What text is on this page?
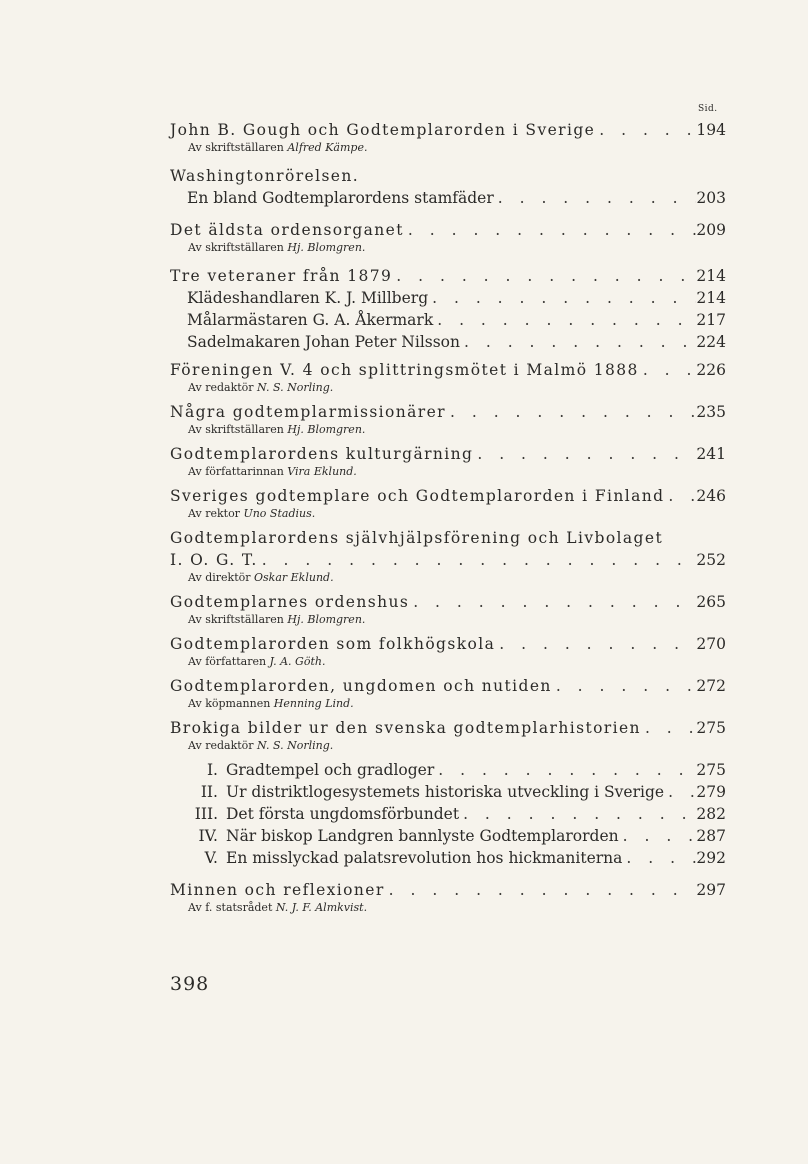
Sid.
John B. Gough och Godtemplarorden i Sverige . . .	194
Av skriftställaren Alfred Kämpe.
Washingtonrörelsen.
En bland Godtemplarordens stamfäder . . .	203
Det äldsta ordensorganet . . .	209
Av skriftställaren Hj. Blomgren.
Tre veteraner från 1879 . . .	214
Klädeshandlaren K. J. Millberg . . .	214
Målarmästaren G. A. Åkermark . . .	217
Sadelmakaren Johan Peter Nilsson . . .	224
Föreningen V. 4 och splittringsmötet i Malmö 1888 . . .	226
Av redaktör N. S. Norling.
Några godtemplarmissionärer . . .	235
Av skriftställaren Hj. Blomgren.
Godtemplarordens kulturgärning . . .	241
Av författarinnan Vira Eklund.
Sveriges godtemplare och Godtemplarorden i Finland . . . 246
Av rektor Uno Stadius.
Godtemplarordens självhjälpsförening och Livbolaget
I. O. G. T. . . .	252
Av direktör Oskar Eklund.
Godtemplarnes ordenshus . . .	265
Av skriftställaren Hj. Blomgren.
Godtemplarorden som folkhögskola . . .	270
Av författaren J. A. Göth.
Godtemplarorden, ungdomen och nutiden . . .	272
Av köpmannen Henning Lind.
Brokiga bilder ur den svenska godtemplarhistorien . . .	275
Av redaktör N. S. Norling.
I. Gradtempel och gradloger . . .	275
II. Ur distriktlogesystemets historiska utveckling i Sverige . . . 279
III. Det första ungdomsförbundet . . .	282
IV. När biskop Landgren bannlyste Godtemplarorden . . .	287
V. En misslyckad palatsrevolution hos hickmaniterna . . .	292
Minnen och reflexioner . . .	297
Av f. statsrådet N. J. F. Almkvist.
398
